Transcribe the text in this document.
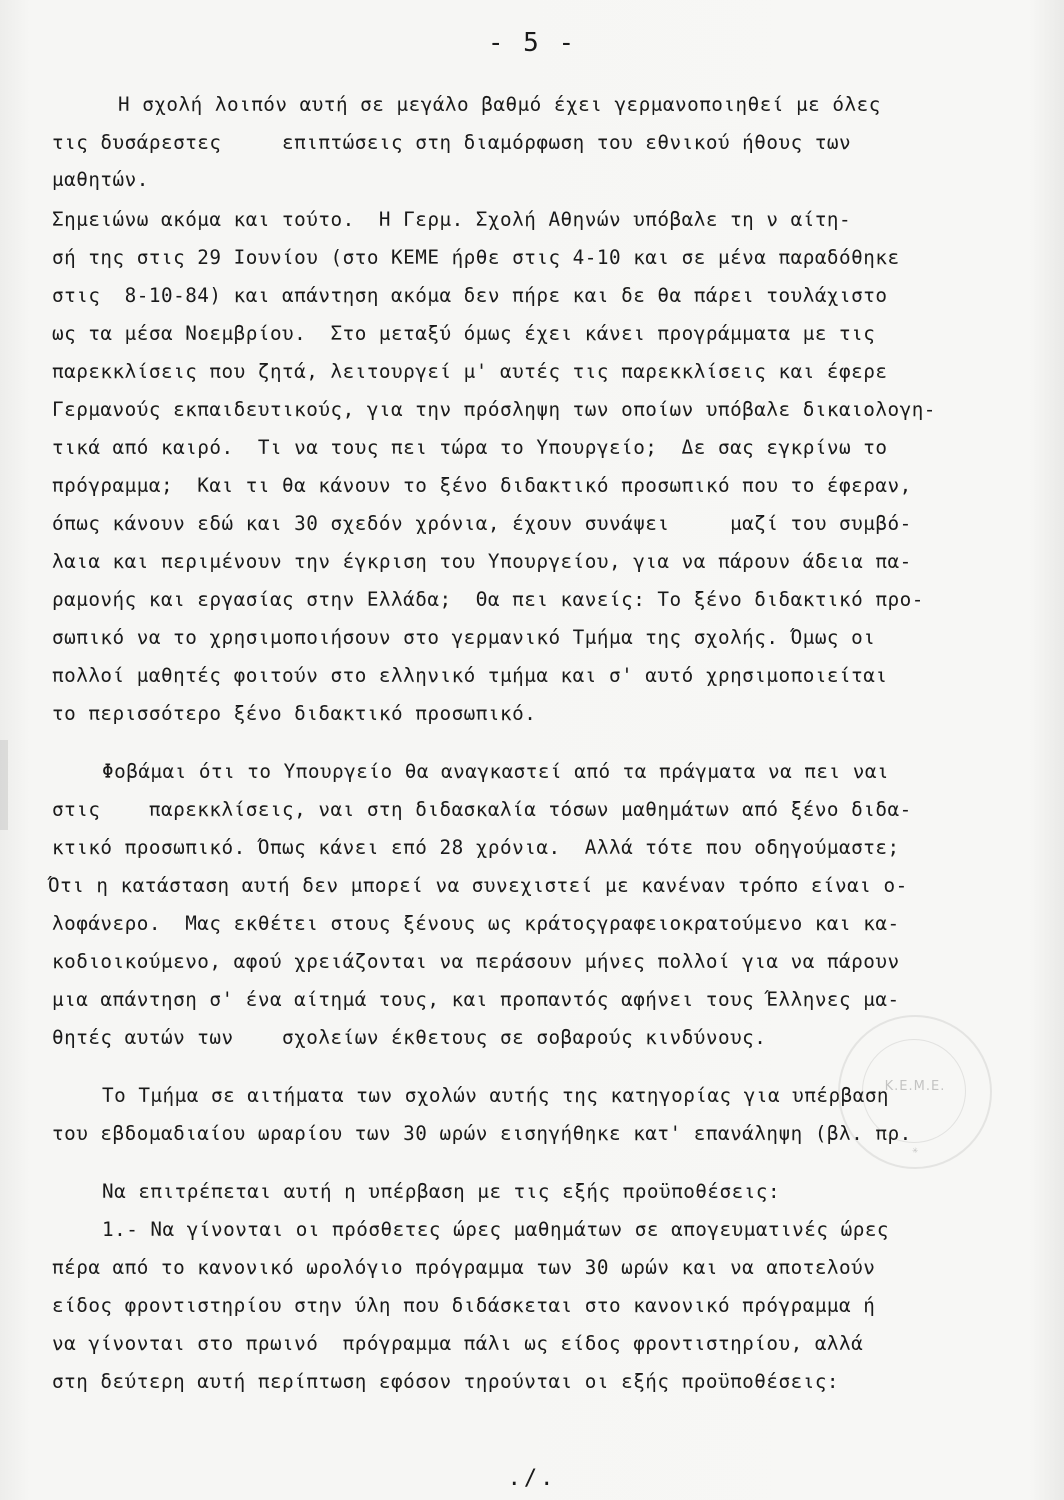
- 5 -
Η σχολή λοιπόν αυτή σε μεγάλο βαθμό έχει γερμανοποιηθεί με όλες
τις δυσάρεστες     επιπτώσεις στη διαμόρφωση του εθνικού ήθους των
μαθητών.
Σημειώνω ακόμα και τούτο.  Η Γερμ. Σχολή Αθηνών υπόβαλε τη ν αίτη-
σή της στις 29 Ιουνίου (στο ΚΕΜΕ ήρθε στις 4-10 και σε μένα παραδόθηκε
στις  8-10-84) και απάντηση ακόμα δεν πήρε και δε θα πάρει τουλάχιστο
ως τα μέσα Νοεμβρίου.  Στο μεταξύ όμως έχει κάνει προγράμματα με τις
παρεκκλίσεις που ζητά, λειτουργεί μ' αυτές τις παρεκκλίσεις και έφερε
Γερμανούς εκπαιδευτικούς, για την πρόσληψη των οποίων υπόβαλε δικαιολογη-
τικά από καιρό.  Τι να τους πει τώρα το Υπουργείο;  Δε σας εγκρίνω το
πρόγραμμα;  Και τι θα κάνουν το ξένο διδακτικό προσωπικό που το έφεραν,
όπως κάνουν εδώ και 30 σχεδόν χρόνια, έχουν συνάψει     μαζί του συμβό-
λαια και περιμένουν την έγκριση του Υπουργείου, για να πάρουν άδεια πα-
ραμονής και εργασίας στην Ελλάδα;  Θα πει κανείς: Το ξένο διδακτικό προ-
σωπικό να το χρησιμοποιήσουν στο γερμανικό Τμήμα της σχολής. Όμως οι
πολλοί μαθητές φοιτούν στο ελληνικό τμήμα και σ' αυτό χρησιμοποιείται
το περισσότερο ξένο διδακτικό προσωπικό.
Φοβάμαι ότι το Υπουργείο θα αναγκαστεί από τα πράγματα να πει ναι
στις    παρεκκλίσεις, ναι στη διδασκαλία τόσων μαθημάτων από ξένο διδα-
κτικό προσωπικό. Όπως κάνει επό 28 χρόνια.  Αλλά τότε που οδηγούμαστε;
Ότι η κατάσταση αυτή δεν μπορεί να συνεχιστεί με κανέναν τρόπο είναι ο-
λοφάνερο.  Μας εκθέτει στους ξένους ως κράτοςγραφειοκρατούμενο και κα-
κοδιοικούμενο, αφού χρειάζονται να περάσουν μήνες πολλοί για να πάρουν
μια απάντηση σ' ένα αίτημά τους, και προπαντός αφήνει τους Έλληνες μα-
θητές αυτών των    σχολείων έκθετους σε σοβαρούς κινδύνους.
Το Τμήμα σε αιτήματα των σχολών αυτής της κατηγορίας για υπέρβαση
του εβδομαδιαίου ωραρίου των 30 ωρών εισηγήθηκε κατ' επανάληψη (βλ. πρ.
Να επιτρέπεται αυτή η υπέρβαση με τις εξής προϋποθέσεις:
1.- Να γίνονται οι πρόσθετες ώρες μαθημάτων σε απογευματινές ώρες
πέρα από το κανονικό ωρολόγιο πρόγραμμα των 30 ωρών και να αποτελούν
είδος φροντιστηρίου στην ύλη που διδάσκεται στο κανονικό πρόγραμμα ή
να γίνονται στο πρωινό  πρόγραμμα πάλι ως είδος φροντιστηρίου, αλλά
στη δεύτερη αυτή περίπτωση εφόσον τηρούνται οι εξής προϋποθέσεις:
Κ.Ε.Μ.Ε.
✳
./.
